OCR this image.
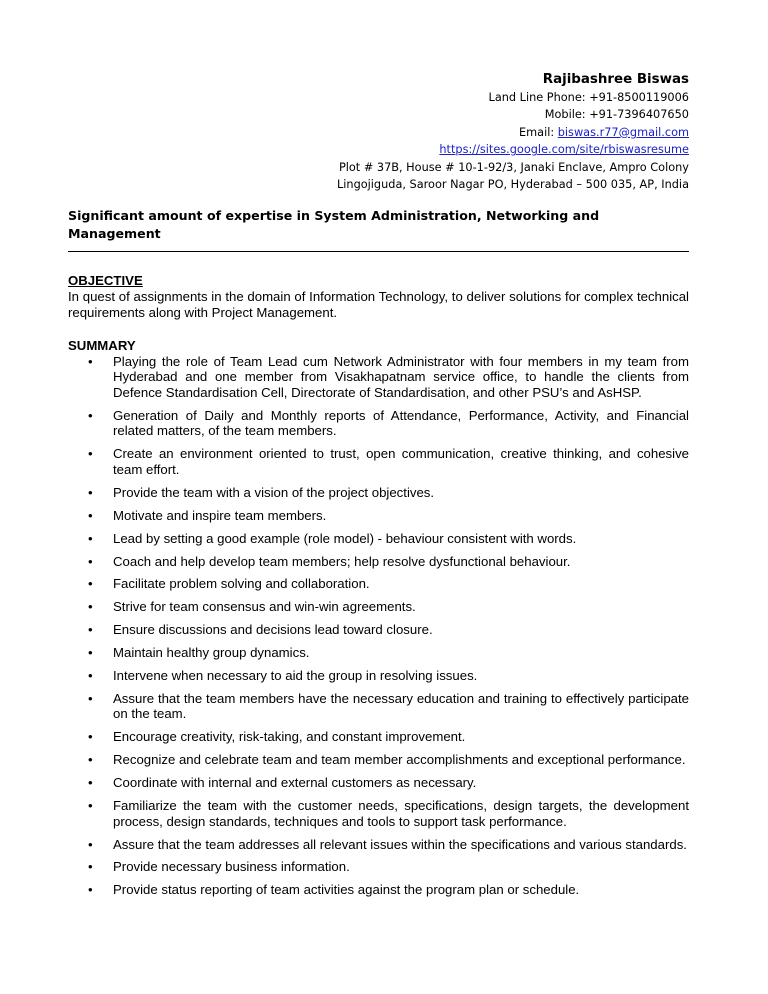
Rajibashree Biswas
Land Line Phone: +91-8500119006
Mobile: +91-7396407650
Email: biswas.r77@gmail.com
https://sites.google.com/site/rbiswasresume
Plot # 37B, House # 10-1-92/3, Janaki Enclave, Ampro Colony
Lingojiguda, Saroor Nagar PO, Hyderabad – 500 035, AP, India
Significant amount of expertise in System Administration, Networking and Management
OBJECTIVE

In quest of assignments in the domain of Information Technology, to deliver solutions for complex technical requirements along with Project Management.

SUMMARY
• Playing the role of Team Lead cum Network Administrator with four members in my team from Hyderabad and one member from Visakhapatnam service office, to handle the clients from Defence Standardisation Cell, Directorate of Standardisation, and other PSU’s and AsHSP.
• Generation of Daily and Monthly reports of Attendance, Performance, Activity, and Financial related matters, of the team members.
• Create an environment oriented to trust, open communication, creative thinking, and cohesive team effort.
• Provide the team with a vision of the project objectives.
• Motivate and inspire team members.
• Lead by setting a good example (role model) - behaviour consistent with words.
• Coach and help develop team members; help resolve dysfunctional behaviour.
• Facilitate problem solving and collaboration.
• Strive for team consensus and win-win agreements.
• Ensure discussions and decisions lead toward closure.
• Maintain healthy group dynamics.
• Intervene when necessary to aid the group in resolving issues.
• Assure that the team members have the necessary education and training to effectively participate on the team.
• Encourage creativity, risk-taking, and constant improvement.
• Recognize and celebrate team and team member accomplishments and exceptional performance.
• Coordinate with internal and external customers as necessary.
• Familiarize the team with the customer needs, specifications, design targets, the development process, design standards, techniques and tools to support task performance.
• Assure that the team addresses all relevant issues within the specifications and various standards.
• Provide necessary business information.
• Provide status reporting of team activities against the program plan or schedule.
